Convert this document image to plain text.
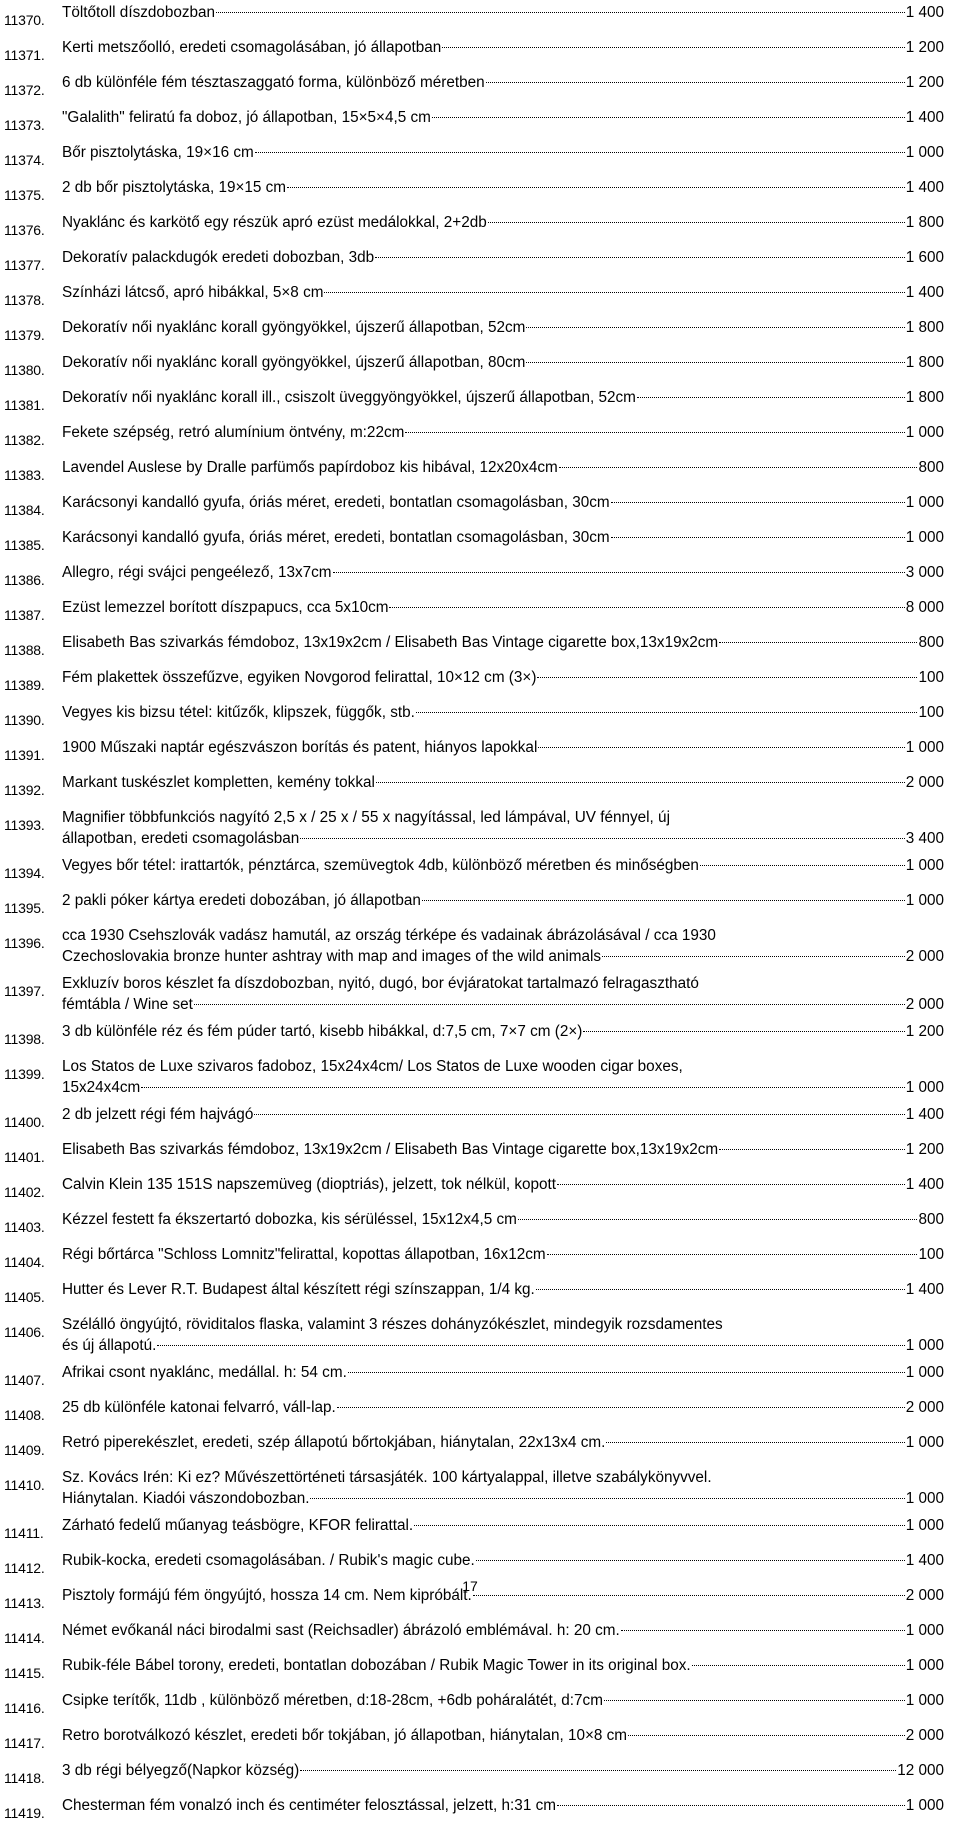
11370.	Töltőtoll díszdobozban	1 400
11371.	Kerti metszőolló, eredeti csomagolásában, jó állapotban	1 200
11372.	6 db különféle fém tésztaszaggató forma, különböző méretben	1 200
11373.	"Galalith" feliratú fa doboz, jó állapotban, 15×5×4,5 cm	1 400
11374.	Bőr pisztolytáska, 19×16 cm	1 000
11375.	2 db bőr pisztolytáska, 19×15 cm	1 400
11376.	Nyaklánc és karkötő egy részük apró ezüst medálokkal, 2+2db	1 800
11377.	Dekoratív palackdugók eredeti dobozban, 3db	1 600
11378.	Színházi látcső, apró hibákkal, 5×8 cm	1 400
11379.	Dekoratív női nyaklánc korall gyöngyökkel, újszerű állapotban, 52cm	1 800
11380.	Dekoratív női nyaklánc korall gyöngyökkel, újszerű állapotban, 80cm	1 800
11381.	Dekoratív női nyaklánc korall ill., csiszolt üveggyöngyökkel, újszerű állapotban, 52cm	1 800
11382.	Fekete szépség, retró alumínium öntvény, m:22cm	1 000
11383.	Lavendel Auslese by Dralle parfümős papírdoboz kis hibával, 12x20x4cm	800
11384.	Karácsonyi kandalló gyufa, óriás méret, eredeti, bontatlan csomagolásban, 30cm	1 000
11385.	Karácsonyi kandalló gyufa, óriás méret, eredeti, bontatlan csomagolásban, 30cm	1 000
11386.	Allegro, régi svájci pengeélező, 13x7cm	3 000
11387.	Ezüst lemezzel borított díszpapucs, cca 5x10cm	8 000
11388.	Elisabeth Bas szivarkás fémdoboz, 13x19x2cm / Elisabeth Bas Vintage cigarette box,13x19x2cm	800
11389.	Fém plakettek összefűzve, egyiken Novgorod felirattal, 10×12 cm (3×)	100
11390.	Vegyes kis bizsu tétel: kitűzők, klipszek, függők, stb.	100
11391.	1900 Műszaki naptár egészvászon borítás és patent, hiányos lapokkal	1 000
11392.	Markant tuskészlet kompletten, kemény tokkal	2 000
11393.	Magnifier többfunkciós nagyító 2,5 x / 25 x / 55 x nagyítással, led lámpával, UV fénnyel, új
állapotban, eredeti csomagolásban	3 400
11394.	Vegyes bőr tétel: irattartók, pénztárca, szemüvegtok 4db, különböző méretben és minőségben	1 000
11395.	2 pakli póker kártya eredeti dobozában, jó állapotban	1 000
11396.	cca 1930 Csehszlovák vadász hamutál, az ország térképe és vadainak ábrázolásával / cca 1930
Czechoslovakia bronze hunter ashtray with map and images of the wild animals	2 000
11397.	Exkluzív boros készlet fa díszdobozban, nyitó, dugó, bor évjáratokat tartalmazó felragasztható
fémtábla / Wine set	2 000
11398.	3 db különféle réz és fém púder tartó, kisebb hibákkal, d:7,5 cm, 7×7 cm (2×)	1 200
11399.	Los Statos de Luxe szivaros fadoboz, 15x24x4cm/ Los Statos de Luxe wooden cigar boxes,
15x24x4cm	1 000
11400.	2 db jelzett régi fém hajvágó	1 400
11401.	Elisabeth Bas szivarkás fémdoboz, 13x19x2cm / Elisabeth Bas Vintage cigarette box,13x19x2cm	1 200
11402.	Calvin Klein 135 151S napszemüveg (dioptriás), jelzett, tok nélkül, kopott	1 400
11403.	Kézzel festett fa ékszertartó dobozka, kis sérüléssel, 15x12x4,5 cm	800
11404.	Régi bőrtárca "Schloss Lomnitz"felirattal, kopottas állapotban, 16x12cm	100
11405.	Hutter és Lever R.T. Budapest által készített régi színszappan, 1/4 kg.	1 400
11406.	Szélálló öngyújtó, röviditalos flaska, valamint 3 részes dohányzókészlet, mindegyik rozsdamentes
és új állapotú.	1 000
11407.	Afrikai csont nyaklánc, medállal. h: 54 cm.	1 000
11408.	25 db különféle katonai felvarró, váll-lap.	2 000
11409.	Retró piperekészlet, eredeti, szép állapotú bőrtokjában, hiánytalan, 22x13x4 cm.	1 000
11410.	Sz. Kovács Irén: Ki ez? Művészettörténeti társasjáték. 100 kártyalappal, illetve szabálykönyvvel.
Hiánytalan. Kiadói vászondobozban.	1 000
11411.	Zárható fedelű műanyag teásbögre, KFOR felirattal.	1 000
11412.	Rubik-kocka, eredeti csomagolásában. / Rubik's magic cube.	1 400
11413.	Pisztoly formájú fém öngyújtó, hossza 14 cm. Nem kipróbált.	2 000
11414.	Német evőkanál náci birodalmi sast (Reichsadler) ábrázoló emblémával. h: 20 cm.	1 000
11415.	Rubik-féle Bábel torony, eredeti, bontatlan dobozában / Rubik Magic Tower in its original box.	1 000
11416.	Csipke terítők, 11db , különböző méretben, d:18-28cm, +6db poháralátét, d:7cm	1 000
11417.	Retro borotválkozó készlet, eredeti bőr tokjában, jó állapotban, hiánytalan, 10×8 cm	2 000
11418.	3 db régi bélyegző(Napkor község)	12 000
11419.	Chesterman fém vonalzó inch és centiméter felosztással, jelzett, h:31 cm	1 000
17
